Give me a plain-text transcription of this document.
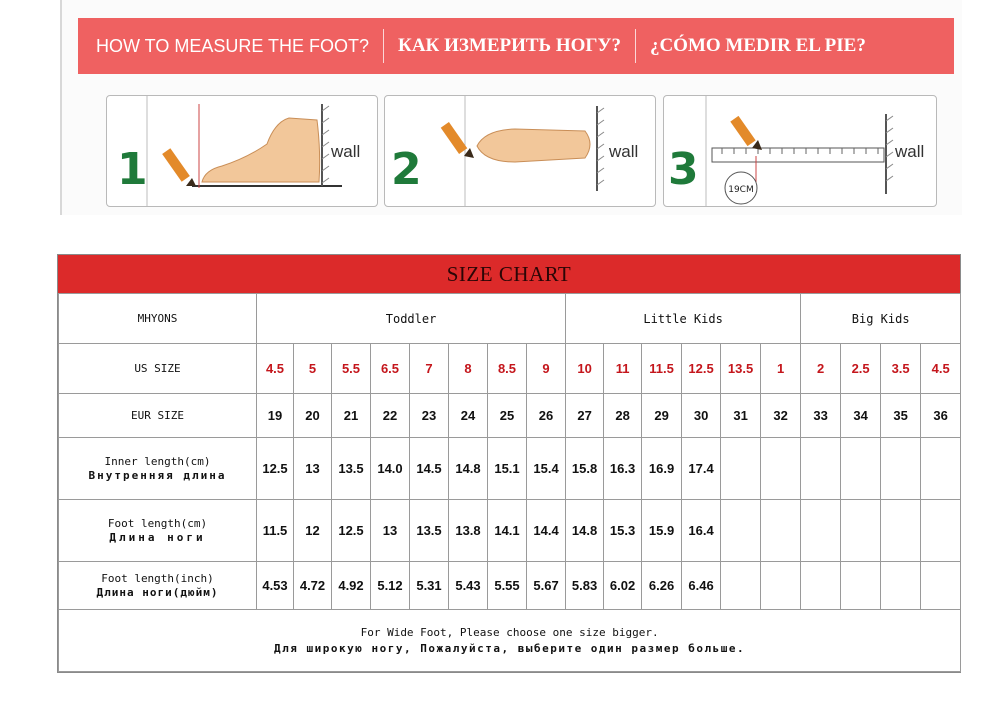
HOW TO MEASURE THE FOOT?	КАК ИЗМЕРИТЬ НОГУ?	¿CÓMO MEDIR EL PIE?
1	wall 2	wall 3	19CM
wall
SIZE CHART
MHYONS	Toddler								Little Kids						Big Kids			
US SIZE	4.5	5	5.5	6.5	7	8	8.5	9	10	11	11.5	12.5	13.5	1	2	2.5	3.5	4.5
EUR SIZE	19	20	21	22	23	24	25	26	27	28	29	30	31	32	33	34	35	36

Inner length(cm)
Внутренняя длина	12.5	13	13.5	14.0	14.5	14.8	15.1	15.4	15.8	16.3	16.9	17.4						

Foot length(cm)
Длина ноги	11.5	12	12.5	13	13.5	13.8	14.1	14.4	14.8	15.3	15.9	16.4						

Foot length(inch)
Длина ноги(дюйм)	4.53	4.72	4.92	5.12	5.31	5.43	5.55	5.67	5.83	6.02	6.26	6.46						

For Wide Foot, Please choose one size bigger.
Для широкую ногу, Пожалуйста, выберите один размер больше.																		
